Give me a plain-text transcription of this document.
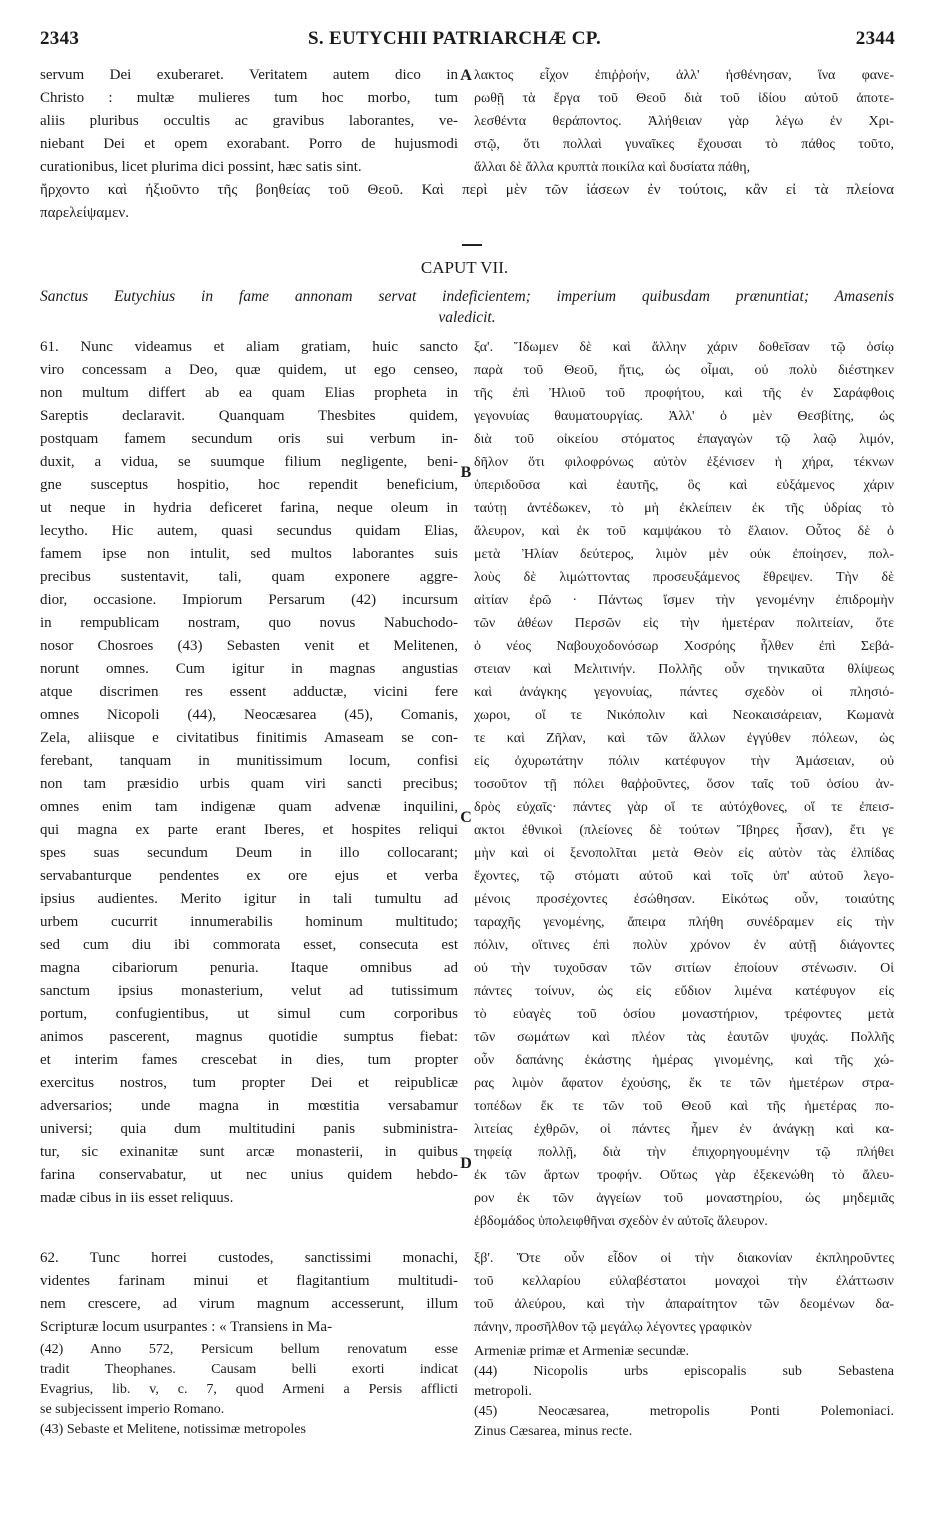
2343	S. EUTYCHII PATRIARCHÆ CP.	2344
servum Dei exuberaret. Veritatem autem dico in
Christo : multæ mulieres tum hoc morbo, tum
aliis pluribus occultis ac gravibus laborantes, ve-
niebant Dei et opem exorabant. Porro de hujusmodi
curationibus, licet plurima dici possint, hæc satis sint.
λακτος εἶχον ἐπιῤῥοήν, ἀλλ' ἠσθένησαν, ἵνα φανε-
ρωθῇ τὰ ἔργα τοῦ Θεοῦ διὰ τοῦ ἰδίου αὐτοῦ ἀποτε-
λεσθέντα θεράποντος. Ἀλήθειαν γὰρ λέγω ἐν Χρι-
στῷ, ὅτι πολλαὶ γυναῖκες ἔχουσαι τὸ πάθος τοῦτο,
ἄλλαι δὲ ἄλλα κρυπτὰ ποικίλα καὶ δυσίατα πάθη,
A
ἤρχοντο καὶ ἠξιοῦντο τῆς βοηθείας τοῦ Θεοῦ. Καὶ περὶ μὲν τῶν ἰάσεων ἐν τούτοις, κἂν εἰ τὰ πλείονα
παρελείψαμεν.
CAPUT VII.
Sanctus Eutychius in fame annonam servat indeficientem; imperium quibusdam prænuntiat; Amasenis
valedicit.
61. Nunc videamus et aliam gratiam, huic sancto
viro concessam a Deo, quæ quidem, ut ego censeo,
non multum differt ab ea quam Elias propheta in
Sareptis declaravit. Quanquam Thesbites quidem,
postquam famem secundum oris sui verbum in-
duxit, a vidua, se suumque filium negligente, beni-
gne susceptus hospitio, hoc rependit beneficium,
ut neque in hydria deficeret farina, neque oleum in
lecytho. Hic autem, quasi secundus quidam Elias,
famem ipse non intulit, sed multos laborantes suis
precibus sustentavit, tali, quam exponere aggre-
dior, occasione. Impiorum Persarum (42) incursum
in rempublicam nostram, quo novus Nabuchodo-
nosor Chosroes (43) Sebasten venit et Melitenen,
norunt omnes. Cum igitur in magnas angustias
atque discrimen res essent adductæ, vicini fere
omnes Nicopoli (44), Neocæsarea (45), Comanis,
Zela, aliisque e civitatibus finitimis Amaseam se con-
ferebant, tanquam in munitissimum locum, confisi
non tam præsidio urbis quam viri sancti precibus;
omnes enim tam indigenæ quam advenæ inquilini,
qui magna ex parte erant Iberes, et hospites reliqui
spes suas secundum Deum in illo collocarant;
servabanturque pendentes ex ore ejus et verba
ipsius audientes. Merito igitur in tali tumultu ad
urbem cucurrit innumerabilis hominum multitudo;
sed cum diu ibi commorata esset, consecuta est
magna cibariorum penuria. Itaque omnibus ad
sanctum ipsius monasterium, velut ad tutissimum
portum, confugientibus, ut simul cum corporibus
animos pascerent, magnus quotidie sumptus fiebat:
et interim fames crescebat in dies, tum propter
exercitus nostros, tum propter Dei et reipublicæ
adversarios; unde magna in mœstitia versabamur
universi; quia dum multitudini panis subministra-
tur, sic exinanitæ sunt arcæ monasterii, in quibus
farina conservabatur, ut nec unius quidem hebdo-
madæ cibus in iis esset reliquus.
ξα'. Ἴδωμεν δὲ καὶ ἄλλην χάριν δοθεῖσαν τῷ ὁσίῳ
παρὰ τοῦ Θεοῦ, ἥτις, ὡς οἶμαι, οὐ πολὺ διέστηκεν
τῆς ἐπὶ Ἠλιοῦ τοῦ προφήτου, καὶ τῆς ἐν Σαράφθοις
γεγονυίας θαυματουργίας. Ἀλλ' ὁ μὲν Θεσβίτης, ὡς
διὰ τοῦ οἰκείου στόματος ἐπαγαγὼν τῷ λαῷ λιμόν,
δῆλον ὅτι φιλοφρόνως αὐτὸν ἐξένισεν ἡ χήρα, τέκνων
ὑπεριδοῦσα καὶ ἑαυτῆς, ὃς καὶ εὐξάμενος χάριν
ταύτῃ ἀντέδωκεν, τὸ μὴ ἐκλείπειν ἐκ τῆς ὑδρίας τὸ
ἄλευρον, καὶ ἐκ τοῦ καμψάκου τὸ ἔλαιον. Οὗτος δὲ ὁ
μετὰ Ἠλίαν δεύτερος, λιμὸν μὲν οὐκ ἐποίησεν, πολ-
λοὺς δὲ λιμώττοντας προσευξάμενος ἔθρεψεν. Τὴν δὲ
αἰτίαν ἐρῶ · Πάντως ἴσμεν τὴν γενομένην ἐπιδρομὴν
τῶν ἀθέων Περσῶν εἰς τὴν ἡμετέραν πολιτείαν, ὅτε
ὁ νέος Ναβουχοδονόσωρ Χοσρόης ἦλθεν ἐπὶ Σεβά-
στειαν καὶ Μελιτινήν. Πολλῆς οὖν τηνικαῦτα θλίψεως
καὶ ἀνάγκης γεγονυίας, πάντες σχεδὸν οἱ πλησιό-
χωροι, οἵ τε Νικόπολιν καὶ Νεοκαισάρειαν, Κωμανὰ
τε καὶ Ζῆλαν, καὶ τῶν ἄλλων ἐγγύθεν πόλεων, ὡς
εἰς ὀχυρωτάτην πόλιν κατέφυγον τὴν Ἀμάσειαν, οὐ
τοσοῦτον τῇ πόλει θαῤῥοῦντες, ὅσον ταῖς τοῦ ὁσίου ἀν-
δρὸς εὐχαῖς· πάντες γὰρ οἵ τε αὐτόχθονες, οἵ τε ἐπεισ-
ακτοι ἐθνικοὶ (πλείονες δὲ τούτων Ἴβηρες ἦσαν), ἔτι γε
μὴν καὶ οἱ ξενοπολῖται μετὰ Θεὸν εἰς αὐτὸν τὰς ἐλπίδας
ἔχοντες, τῷ στόματι αὐτοῦ καὶ τοῖς ὑπ' αὐτοῦ λεγο-
μένοις προσέχοντες ἐσώθησαν. Εἰκότως οὖν, τοιαύτης
ταραχῆς γενομένης, ἄπειρα πλήθη συνέδραμεν εἰς τὴν
πόλιν, οἵτινες ἐπὶ πολὺν χρόνον ἐν αὐτῇ διάγοντες
οὐ τὴν τυχοῦσαν τῶν σιτίων ἐποίουν στένωσιν. Οἱ
πάντες τοίνυν, ὡς εἰς εὔδιον λιμένα κατέφυγον εἰς
τὸ εὐαγὲς τοῦ ὁσίου μοναστήριον, τρέφοντες μετὰ
τῶν σωμάτων καὶ πλέον τὰς ἑαυτῶν ψυχάς. Πολλῆς
οὖν δαπάνης ἑκάστης ἡμέρας γινομένης, καὶ τῆς χώ-
ρας λιμὸν ἄφατον ἐχούσης, ἔκ τε τῶν ἡμετέρων στρα-
τοπέδων ἔκ τε τῶν τοῦ Θεοῦ καὶ τῆς ἡμετέρας πο-
λιτείας ἐχθρῶν, οἱ πάντες ἦμεν ἐν ἀνάγκῃ καὶ κα-
τηφείᾳ πολλῇ, διὰ τὴν ἐπιχορηγουμένην τῷ πλήθει
ἐκ τῶν ἄρτων τροφήν. Οὕτως γὰρ ἐξεκενώθη τὸ ἄλευ-
ρον ἐκ τῶν ἀγγείων τοῦ μοναστηρίου, ὡς μηδεμιᾶς
ἑβδομάδος ὑπολειφθῆναι σχεδὸν ἐν αὐτοῖς ἄλευρον.
B
C
D
62. Tunc horrei custodes, sanctissimi monachi,
videntes farinam minui et flagitantium multitudi-
nem crescere, ad virum magnum accesserunt, illum
Scripturæ locum usurpantes : « Transiens in Ma-
ξβ'. Ὅτε οὖν εἶδον οἱ τὴν διακονίαν ἐκπληροῦντες
τοῦ κελλαρίου εὐλαβέστατοι μοναχοὶ τὴν ἐλάττωσιν
τοῦ ἀλεύρου, καὶ τὴν ἀπαραίτητον τῶν δεομένων δα-
πάνην, προσῆλθον τῷ μεγάλῳ λέγοντες γραφικὸν
(42) Anno 572, Persicum bellum renovatum esse
tradit Theophanes. Causam belli exorti indicat
Evagrius, lib. v, c. 7, quod Armeni a Persis afflicti
se subjecissent imperio Romano.
(43) Sebaste et Melitene, notissimæ metropoles
Armeniæ primæ et Armeniæ secundæ.
(44) Nicopolis urbs episcopalis sub Sebastena
metropoli.
(45) Neocæsarea, metropolis Ponti Polemoniaci.
Zinus Cæsarea, minus recte.
